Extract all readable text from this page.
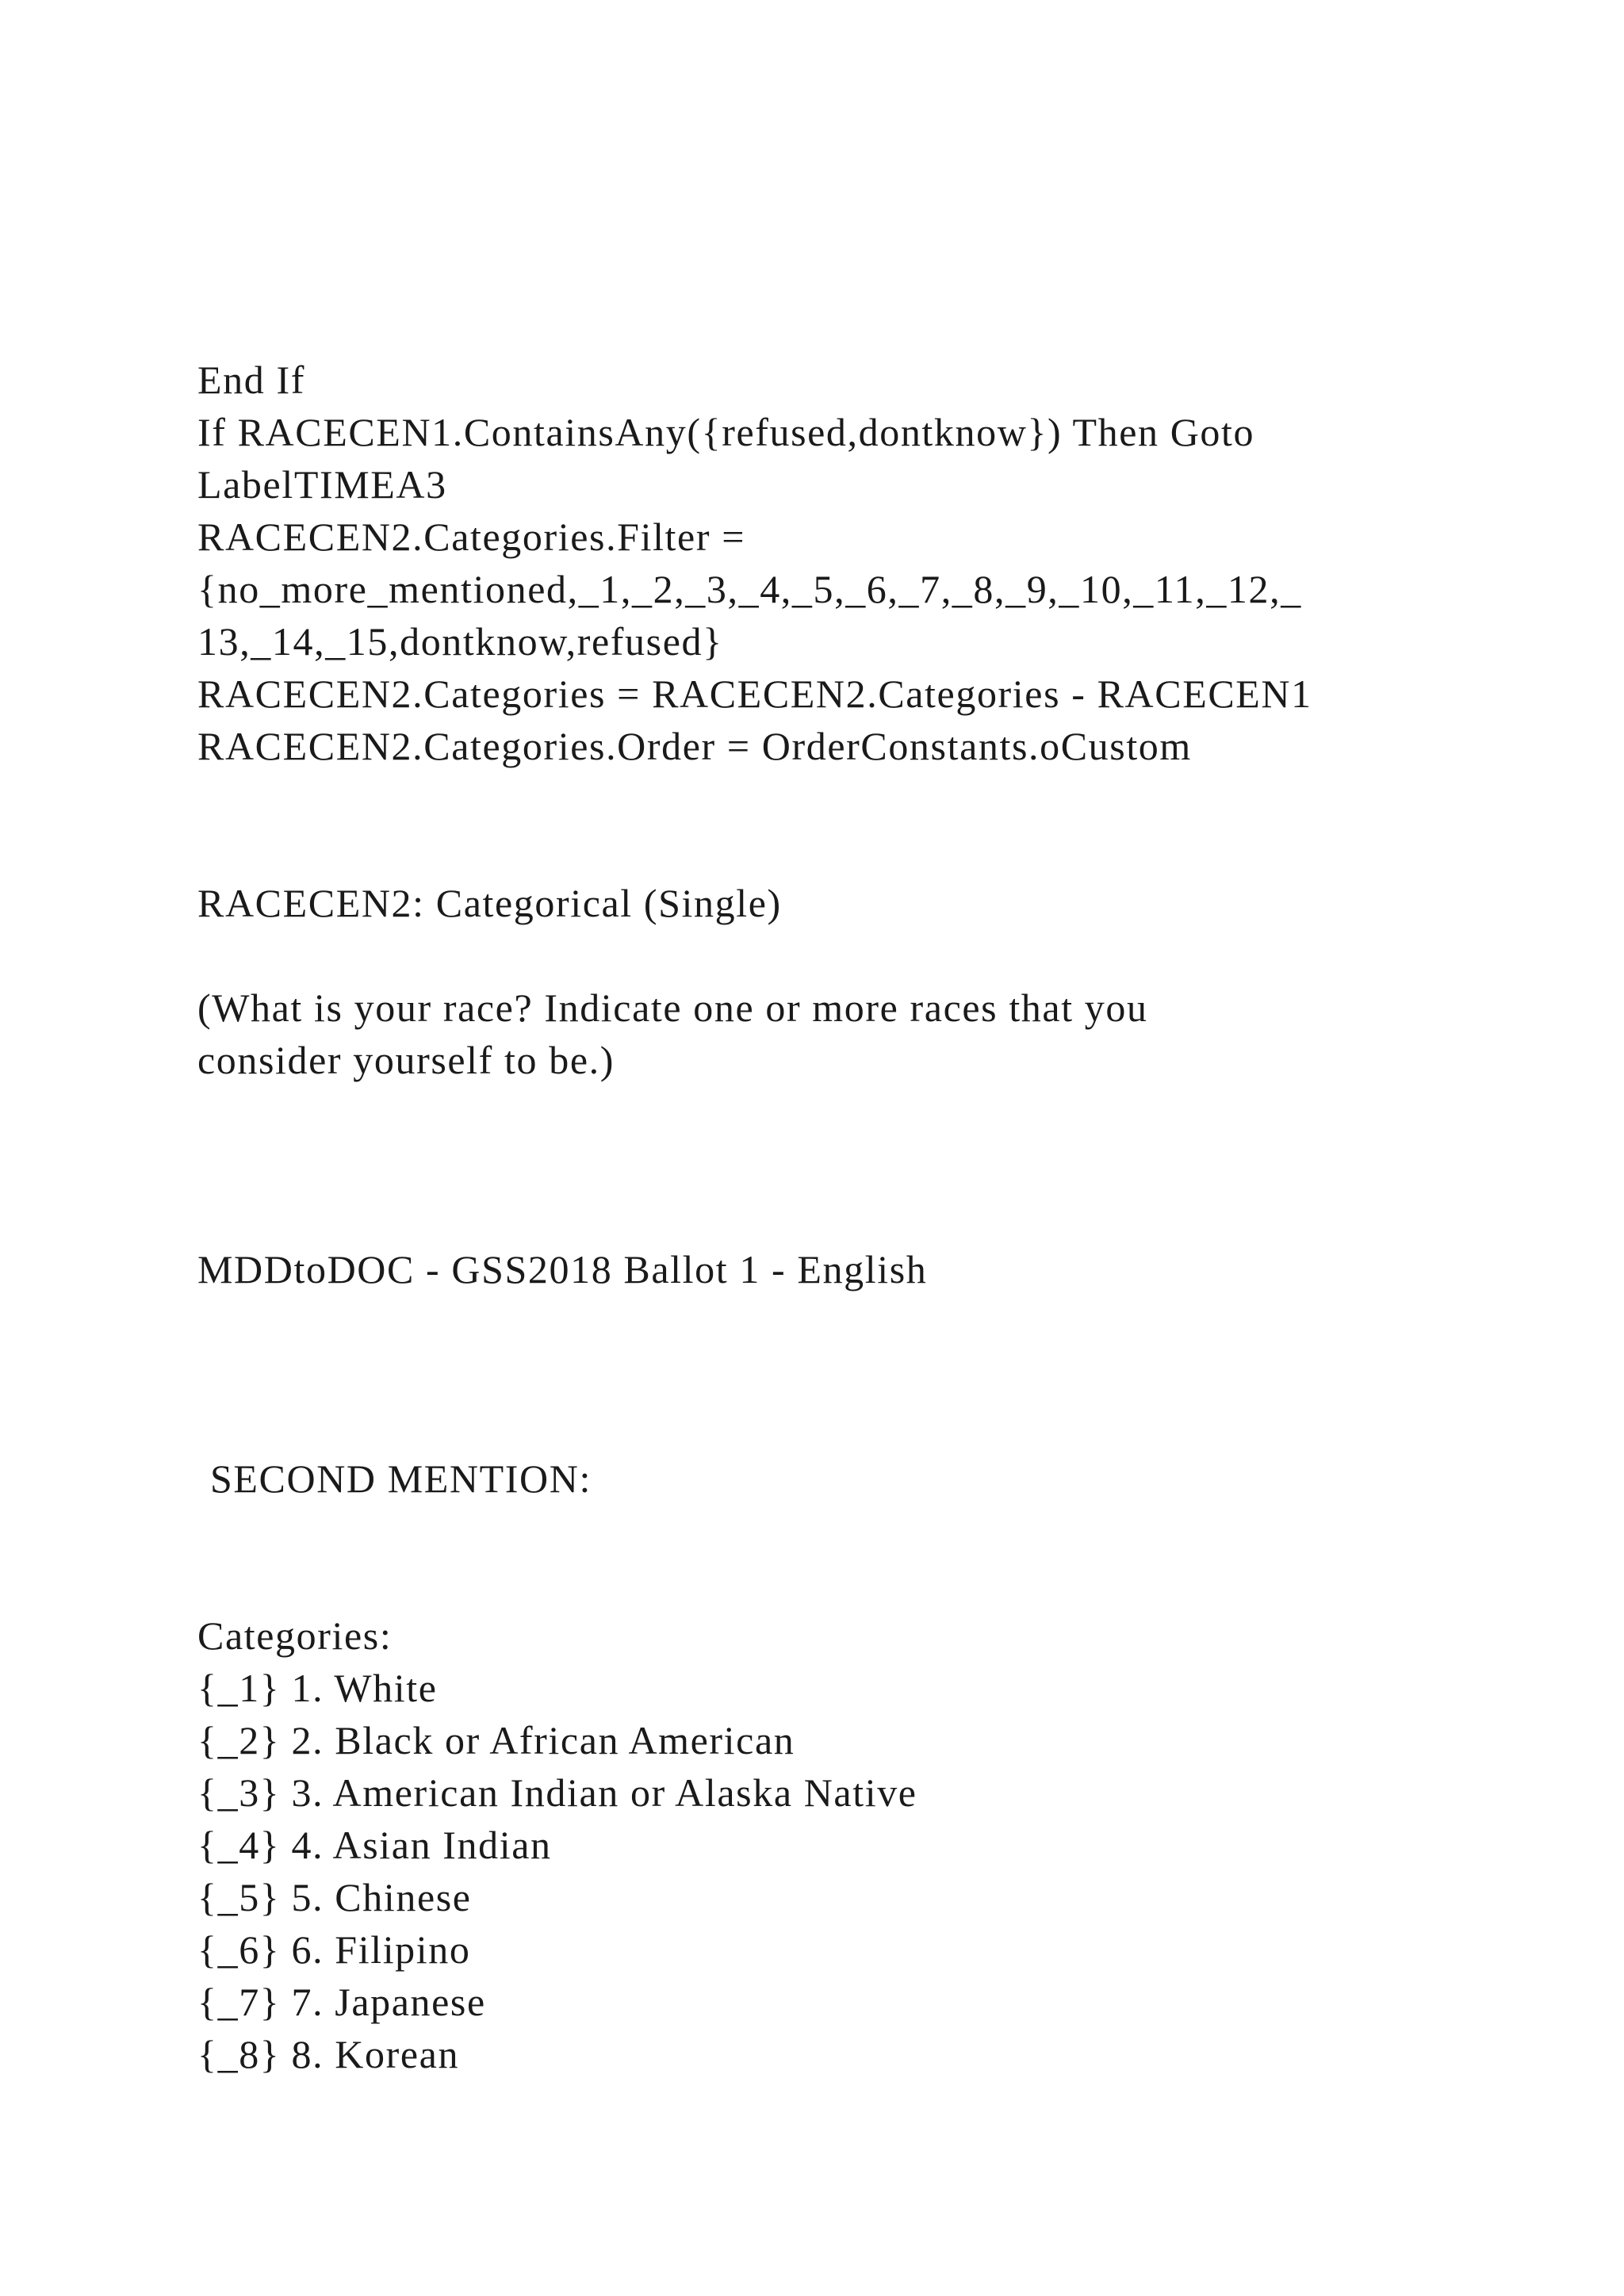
End If
If RACECEN1.ContainsAny({refused,dontknow}) Then Goto
LabelTIMEA3
RACECEN2.Categories.Filter =
{no_more_mentioned,_1,_2,_3,_4,_5,_6,_7,_8,_9,_10,_11,_12,_
13,_14,_15,dontknow,refused}
RACECEN2.Categories = RACECEN2.Categories - RACECEN1
RACECEN2.Categories.Order = OrderConstants.oCustom
RACECEN2: Categorical (Single)
(What is your race? Indicate one or more races that you
consider yourself to be.)
MDDtoDOC - GSS2018 Ballot 1 - English
SECOND MENTION:
Categories:
{_1} 1. White
{_2} 2. Black or African American
{_3} 3. American Indian or Alaska Native
{_4} 4. Asian Indian
{_5} 5. Chinese
{_6} 6. Filipino
{_7} 7. Japanese
{_8} 8. Korean
